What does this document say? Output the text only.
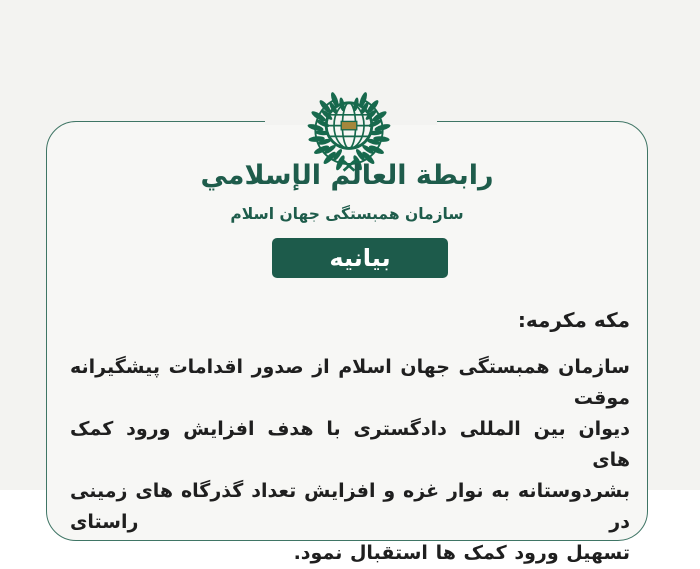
رابطة العالم الإسلامي
سازمان همبستگی جهان اسلام
بیانیه
مکه مکرمه:
سازمان همبستگی جهان اسلام از صدور اقدامات پیشگیرانه موقت
دیوان بین المللی دادگستری با هدف افزایش ورود کمک های
بشردوستانه به نوار غزه و افزایش تعداد گذرگاه های زمینی در راستای
تسهیل ورود کمک ها استقبال نمود.
